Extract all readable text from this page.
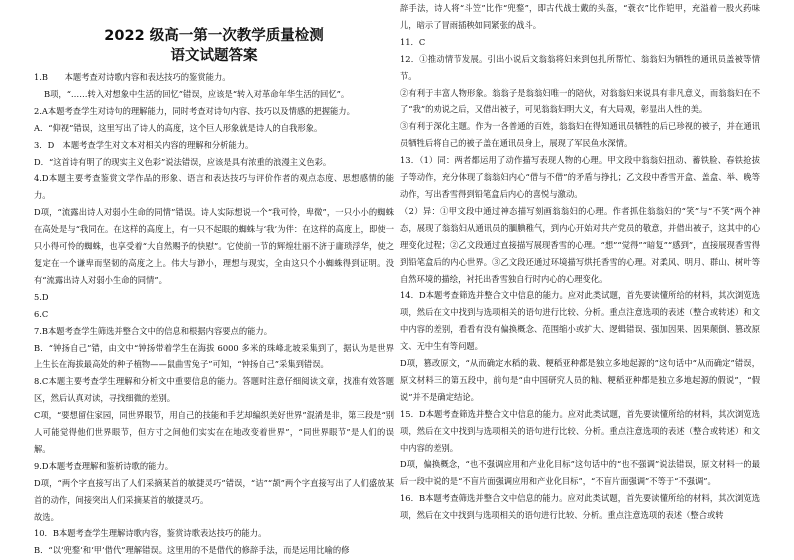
2022 级高一第一次教学质量检测
语文试题答案
1.B　　本题考查对诗歌内容和表达技巧的鉴赏能力。
B项，“……转入对想象中生活的回忆”错误，应该是“转入对革命年华生活的回忆”。
2.A本题考查学生对诗句的理解能力，同时考查对诗句内容、技巧以及情感的把握能力。
A．“仰视”错误，这里写出了诗人的高度，这个巨人形象就是诗人的自我形象。
3．D　本题考查学生对文本对相关内容的理解和分析能力。
D．“这首诗有明了的现实主义色彩”说法错误，应该是具有浓重的浪漫主义色彩。
4.D本题主要考查鉴赏文学作品的形象、语言和表达技巧与评价作者的观点态度、思想感情的能力。
D项，“流露出诗人对弱小生命的同情”错误。诗人实际想说一个“我可怜，卑微”，一只小小的蜘蛛在高处是与“我同在。在这样的高度上，有一只不起眼的蜘蛛与‘我’为伴：在这样的高度上，即使一只小得可怜的蜘蛛，也享受着“大自然赐予的快慰”。它使前一节的辉煌壮丽不济于庸琐浮华，使之复定在一个谦卑而坚韧的高度之上。伟大与渺小，理想与现实，全由这只个小蜘蛛得到证明。没有“流露出诗人对弱小生命的同情”。
5.D
6.C
7.B本题考查学生筛选并整合文中的信息和根据内容要点的能力。
B．“钟扬自己”错，由文中“钟扬带着学生在海拔 6000 多米的珠峰北坡采集到了，据认为是世界上生长在海拔最高处的种子植物——鼠曲雪兔子”可知，“钟扬自己”采集到错误。
8.C本题主要考查学生理解和分析文中重要信息的能力。答题时注意仔细阅读文章，找准有效答题区，然后认真对读，寻找细微的差别。
C项，“要想留住家园，同世界眼节，用自己的技能和手艺却编织美好世界”混淆是非，第三段是“别人可能觉得他们世界眼节，但方寸之间他们实实在在地改变着世界”，“同世界眼节”是人们的误解。
9.D本题考查理解和鉴析诗歌的能力。
D项，“两个字直接写出了人们采摘某首的敏捷灵巧”错误，“诘”“颉”两个字直接写出了人们盛放某首的动作，间接突出人们采摘某首的敏捷灵巧。
故选。
10．B本题考查学生理解诗歌内容，鉴赏诗歌表达技巧的能力。
B．“以‘兜鍪’和‘甲’借代”理解错误。这里用的不是借代的修辞手法，而是运用比喻的修
辞手法，诗人将“斗笠”比作“兜鍪”，即古代战士戴的头盔，“蓑衣”比作铠甲，充溢着一股火药味儿，暗示了冒雨插秧如同紧张的战斗。
11．C
12．①推动情节发展。引出小说后文翁翁将妇来到包扎所帮忙、翁翁妇为牺牲的通讯员盖被等情节。
②有利于丰富人物形象。翁翁子是翁翁妇唯一的陪伙，对翁翁妇来说具有非凡意义，而翁翁妇在不了“我”的劝说之后，又借出被子，可见翁翁妇明大义，有大局观，彰显出人性的美。
③有利于深化主题。作为一各普通的百姓，翁翁妇在得知通讯员牺牲的后已珍视的被子，并在通讯员牺牲后将自己的被子盖在通讯员身上，展现了军民鱼水深情。
13．（1）同：两者都运用了动作描写表现人物的心理。甲文段中翁翁妇扭动、蓄铁脸、春铁抢拔子等动作，充分体现了翁翁妇内心“借与不借”的矛盾与挣扎；乙文段中香雪开盒、盖盒、举、晚等动作，写出香雪得到铅笔盒后内心的喜悦与激动。
（2）异：①甲文段中通过神态描写刻画翁翁妇的心理。作者抓住翁翁妇的“笑”与“不笑”两个神态，展现了翁翁妇从通讯员的腼腆稚气，到内心开始对共产党员的敬意，并借出被子，这其中的心理变化过程；②乙文段通过直接描写展现香雪的心理。“想”“觉得”“暗复”“感到”，直接展现香雪得到铅笔盒后的内心世界。③乙文段还通过环境描写烘托香雪的心理。对柔风、明月、群山、树叶等自然环境的描绘，衬托出香雪独自行时内心的心理变化。
14．D本题考查筛选并整合文中信息的能力。应对此类试题，首先要读懂所给的材料，其次浏览选项，然后在文中找到与选项相关的语句进行比较、分析。重点注意选项的表述（整合或转述）和文中内容的差别，看看有没有偏换概念、范围缩小或扩大、逻辑错误、强加因果、因果颠倒、篡改原文、无中生有等问题。
D项，篡改原文，“从而确定水稻的栽、粳稻亚种都是独立多地起源的”这句话中“从而确定”错误，原文材料三的第五段中，前句是“由中国研究人员的籼、粳稻亚种都是独立多地起源的假说”，“假说”并不是确定结论。
15．D本题考查筛选并整合文中信息的能力。应对此类试题，首先要读懂所给的材料，其次浏览选项，然后在文中找到与选项相关的语句进行比较、分析。重点注意选项的表述（整合或转述）和文中内容的差别。
D项，偏换概念，“也不强调应用和产业化目标”这句话中的“也不强调”说法错误，原文材料一的最后一段中说的是“不盲片面强调应用和产业化目标”，“不盲片面强调”不等于“不强调”。
16．B本题考查筛选并整合文中信息的能力。应对此类试题，首先要读懂所给的材料，其次浏览选项，然后在文中找到与选项相关的语句进行比较、分析。重点注意选项的表述（整合或转
